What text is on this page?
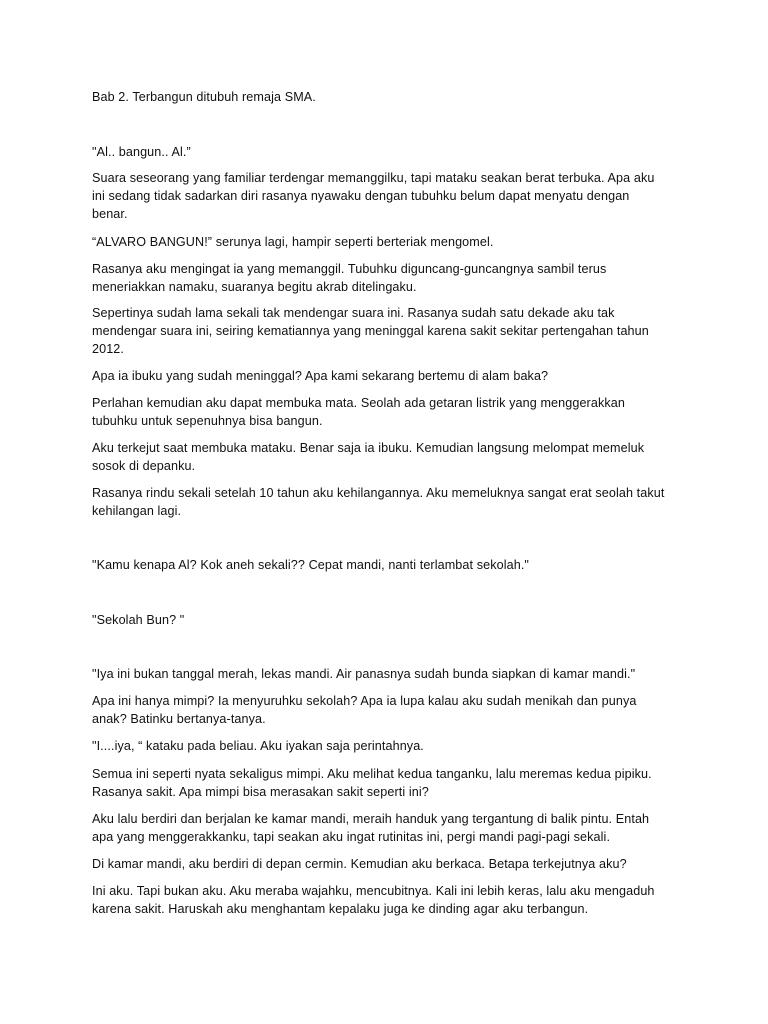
Bab 2. Terbangun ditubuh remaja SMA.

"Al.. bangun.. Al.”

Suara seseorang yang familiar terdengar memanggilku, tapi mataku seakan berat terbuka. Apa aku

ini sedang tidak sadarkan diri rasanya nyawaku dengan tubuhku belum dapat menyatu dengan

benar.

“ALVARO BANGUN!” serunya lagi, hampir seperti berteriak mengomel.

Rasanya aku mengingat ia yang memanggil. Tubuhku diguncang-guncangnya sambil terus

meneriakkan namaku, suaranya begitu akrab ditelingaku.

Sepertinya sudah lama sekali tak mendengar suara ini. Rasanya sudah satu dekade aku tak

mendengar suara ini, seiring kematiannya yang meninggal karena sakit sekitar pertengahan tahun

2012.

Apa ia ibuku yang sudah meninggal? Apa kami sekarang bertemu di alam baka?

Perlahan kemudian aku dapat membuka mata. Seolah ada getaran listrik yang menggerakkan

tubuhku untuk sepenuhnya bisa bangun.

Aku terkejut saat membuka mataku. Benar saja ia ibuku. Kemudian langsung melompat memeluk

sosok di depanku.

Rasanya rindu sekali setelah 10 tahun aku kehilangannya. Aku memeluknya sangat erat seolah takut

kehilangan lagi.

"Kamu kenapa Al? Kok aneh sekali?? Cepat mandi, nanti terlambat sekolah."

"Sekolah Bun? "

"Iya ini bukan tanggal merah, lekas mandi. Air panasnya sudah bunda siapkan di kamar mandi."

Apa ini hanya mimpi? Ia menyuruhku sekolah? Apa ia lupa kalau aku sudah menikah dan punya

anak? Batinku bertanya-tanya.

"I....iya, “ kataku pada beliau. Aku iyakan saja perintahnya.

Semua ini seperti nyata sekaligus mimpi. Aku melihat kedua tanganku, lalu meremas kedua pipiku.

Rasanya sakit. Apa mimpi bisa merasakan sakit seperti ini?

Aku lalu berdiri dan berjalan ke kamar mandi, meraih handuk yang tergantung di balik pintu. Entah

apa yang menggerakkanku, tapi seakan aku ingat rutinitas ini, pergi mandi pagi-pagi sekali.

Di kamar mandi, aku berdiri di depan cermin. Kemudian aku berkaca. Betapa terkejutnya aku?

Ini aku. Tapi bukan aku. Aku meraba wajahku, mencubitnya. Kali ini lebih keras, lalu aku mengaduh

karena sakit. Haruskah aku menghantam kepalaku juga ke dinding agar aku terbangun.
